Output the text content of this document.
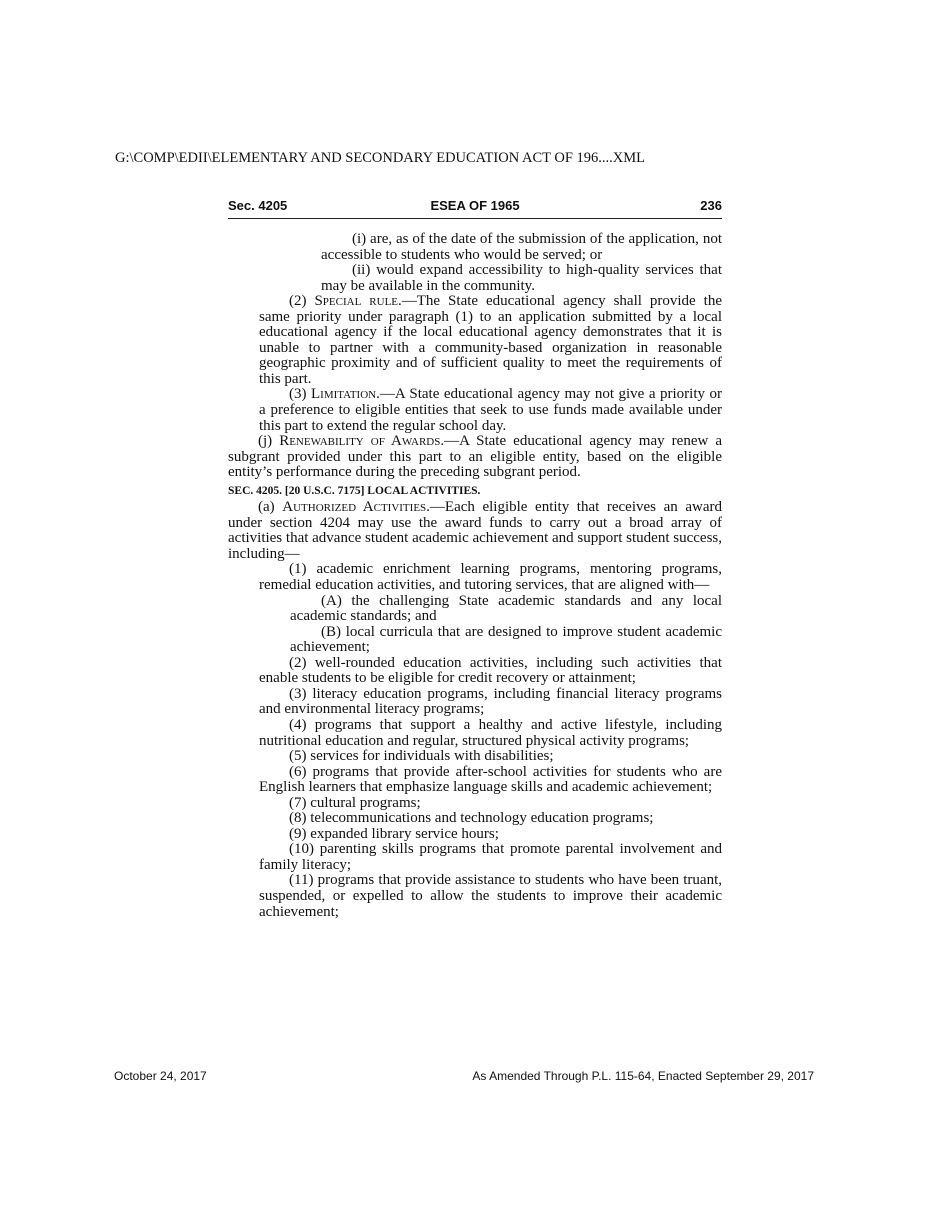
G:\COMP\EDII\ELEMENTARY AND SECONDARY EDUCATION ACT OF 196....XML
Sec. 4205	ESEA OF 1965	236

(i) are, as of the date of the submission of the application, not accessible to students who would be served; or

(ii) would expand accessibility to high-quality services that may be available in the community.

(2) Special rule.—The State educational agency shall provide the same priority under paragraph (1) to an application submitted by a local educational agency if the local educational agency demonstrates that it is unable to partner with a community-based organization in reasonable geographic proximity and of sufficient quality to meet the requirements of this part.

(3) Limitation.—A State educational agency may not give a priority or a preference to eligible entities that seek to use funds made available under this part to extend the regular school day.

(j) Renewability of Awards.—A State educational agency may renew a subgrant provided under this part to an eligible entity, based on the eligible entity’s performance during the preceding subgrant period.

SEC. 4205. [20 U.S.C. 7175] LOCAL ACTIVITIES.

(a) Authorized Activities.—Each eligible entity that receives an award under section 4204 may use the award funds to carry out a broad array of activities that advance student academic achievement and support student success, including—

(1) academic enrichment learning programs, mentoring programs, remedial education activities, and tutoring services, that are aligned with—

(A) the challenging State academic standards and any local academic standards; and

(B) local curricula that are designed to improve student academic achievement;

(2) well-rounded education activities, including such activities that enable students to be eligible for credit recovery or attainment;

(3) literacy education programs, including financial literacy programs and environmental literacy programs;

(4) programs that support a healthy and active lifestyle, including nutritional education and regular, structured physical activity programs;

(5) services for individuals with disabilities;

(6) programs that provide after-school activities for students who are English learners that emphasize language skills and academic achievement;

(7) cultural programs;

(8) telecommunications and technology education programs;

(9) expanded library service hours;

(10) parenting skills programs that promote parental involvement and family literacy;

(11) programs that provide assistance to students who have been truant, suspended, or expelled to allow the students to improve their academic achievement;

October 24, 2017	As Amended Through P.L. 115-64, Enacted September 29, 2017
